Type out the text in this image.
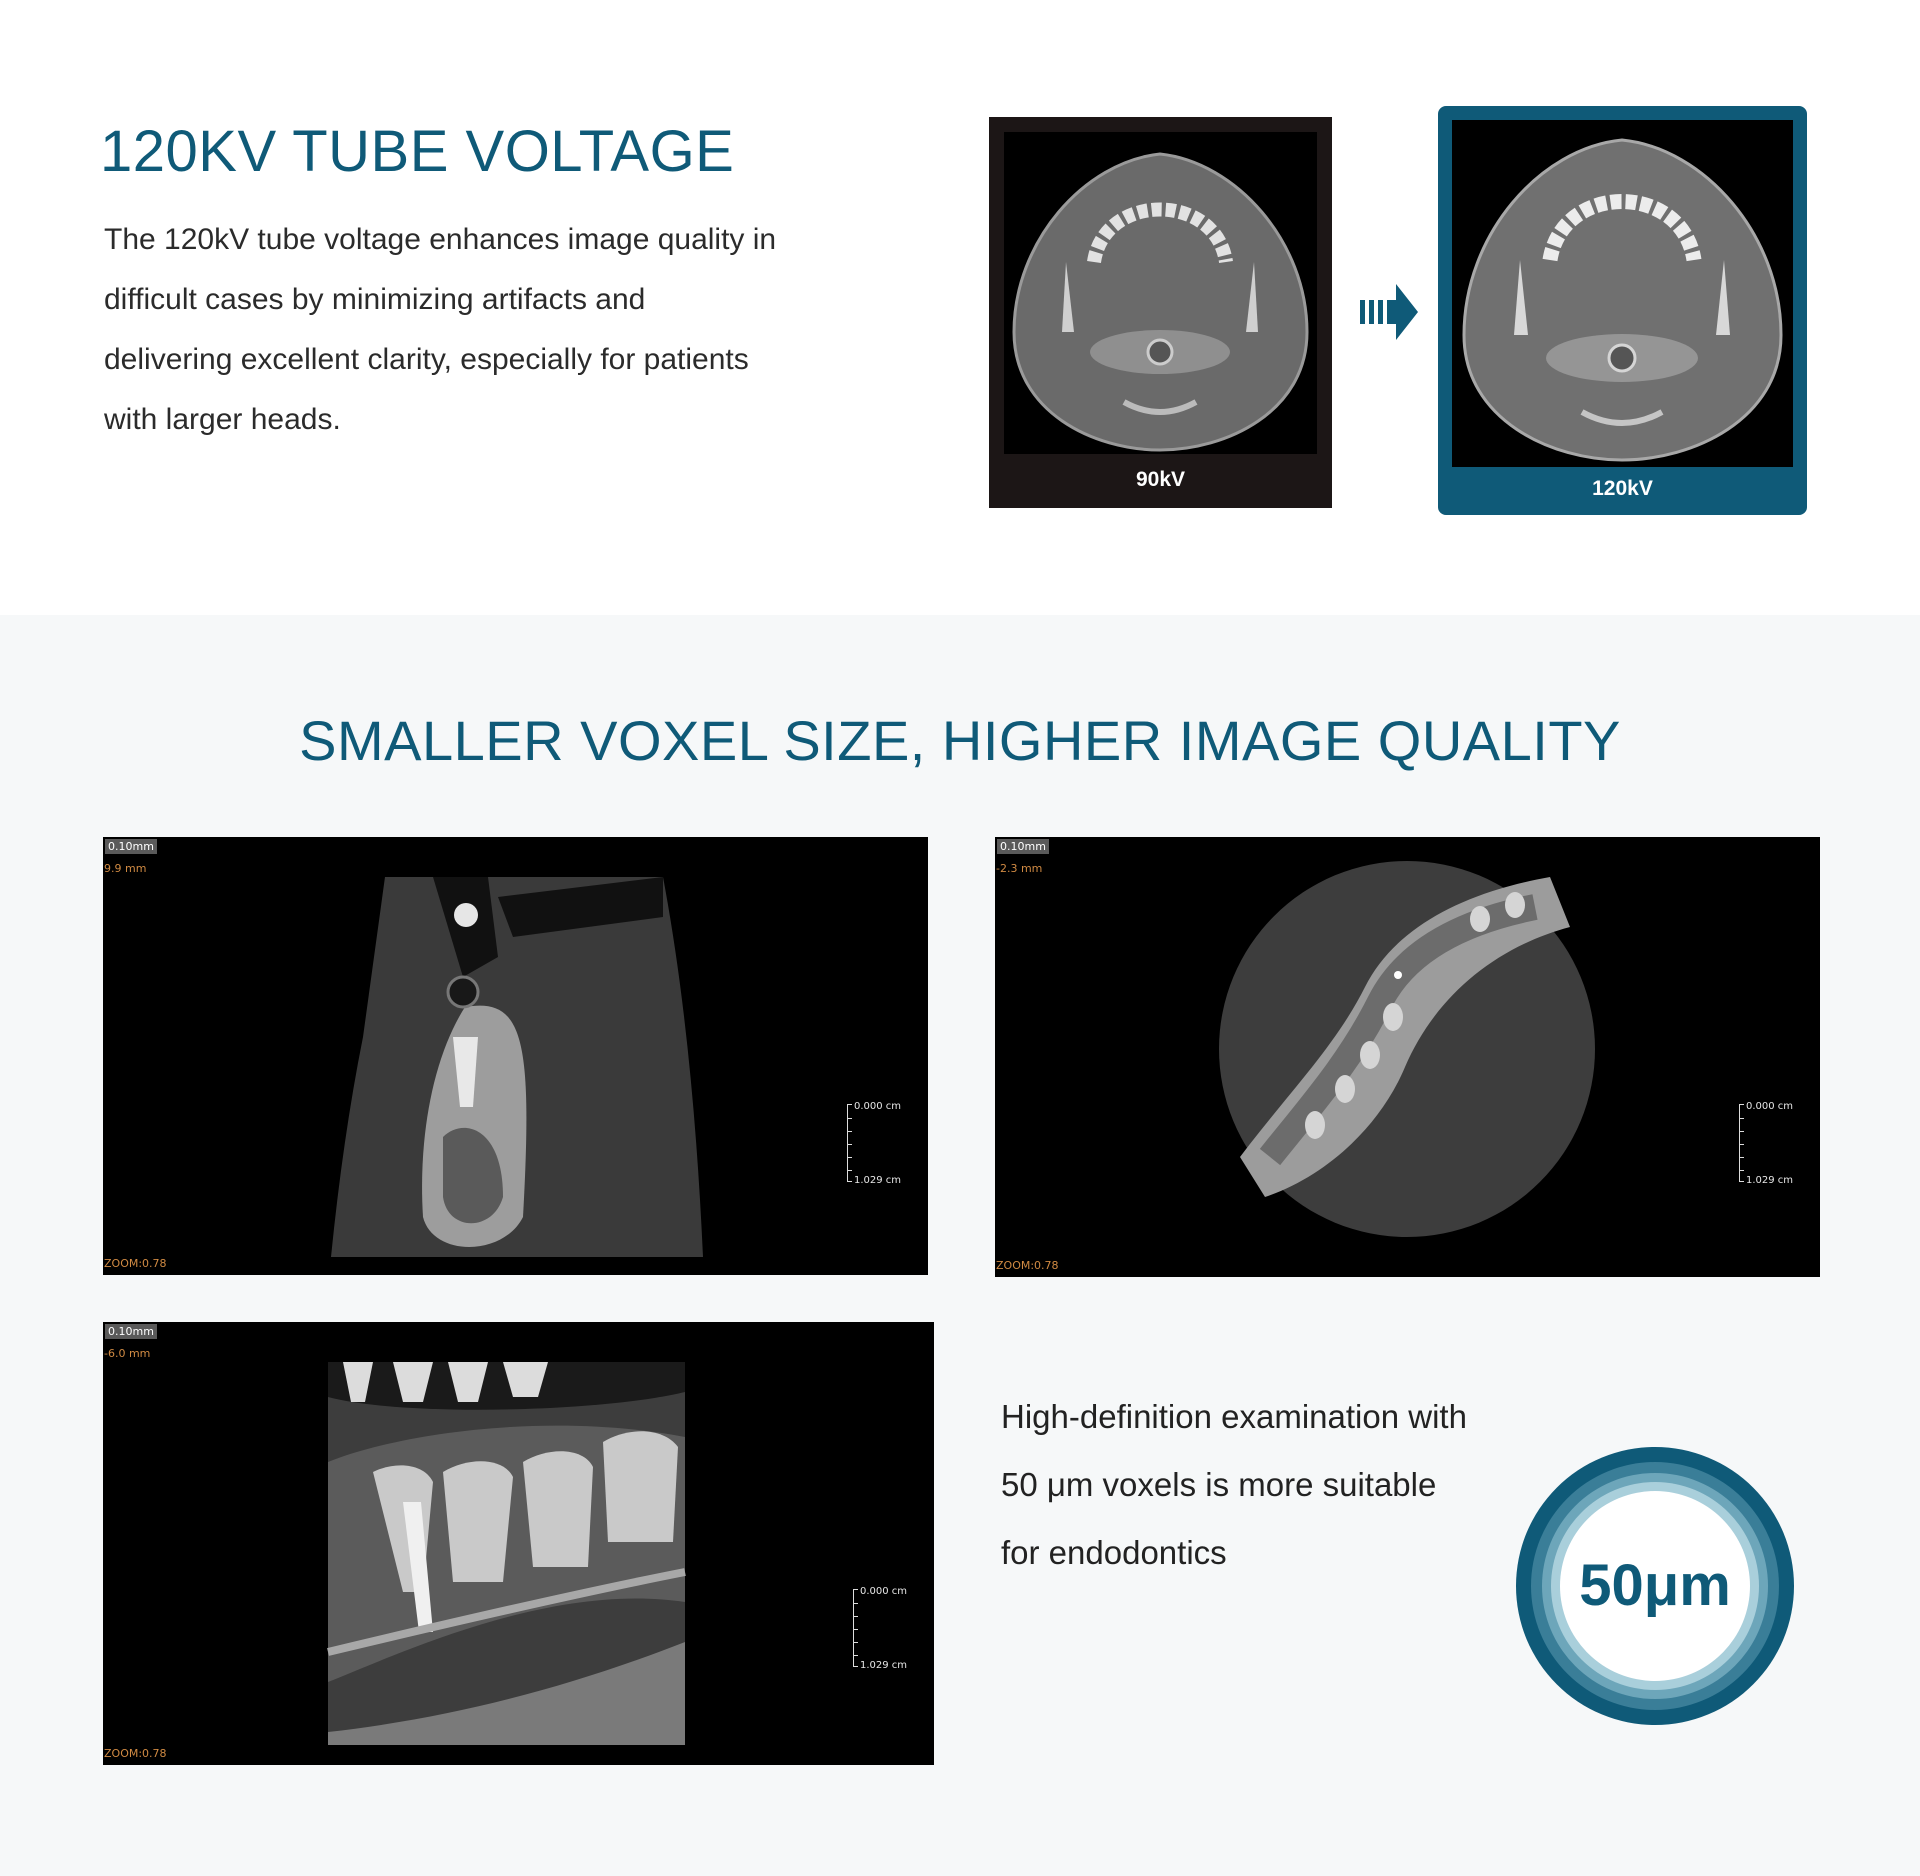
120KV TUBE VOLTAGE

The 120kV tube voltage enhances image quality in

difficult cases by minimizing artifacts and

delivering excellent clarity, especially for patients

with larger heads.

90kV	120kV
SMALLER VOXEL SIZE, HIGHER IMAGE QUALITY
0.10mm
9.9 mm
ZOOM:0.78
0.000 cm
1.029 cm
0.10mm
-2.3 mm
ZOOM:0.78
0.000 cm
1.029 cm
0.10mm
-6.0 mm
ZOOM:0.78
0.000 cm
1.029 cm

High-definition examination with

50 μm voxels is more suitable

for endodontics

50μm
